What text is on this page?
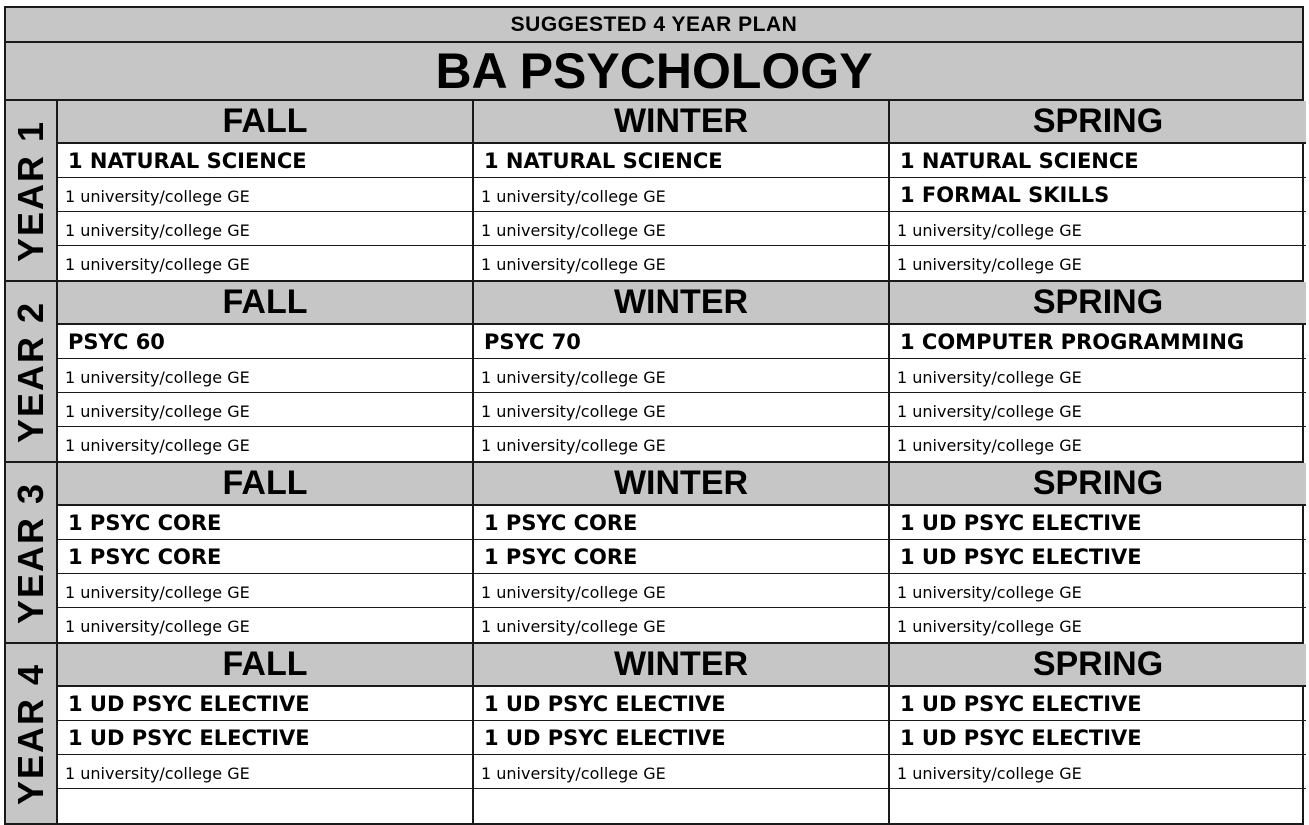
SUGGESTED 4 YEAR PLAN
BA PSYCHOLOGY
YEAR 1	FALL	WINTER	SPRING
1 NATURAL SCIENCE	1 NATURAL SCIENCE	1 NATURAL SCIENCE
1 university/college GE	1 university/college GE	1 FORMAL SKILLS
1 university/college GE	1 university/college GE	1 university/college GE
1 university/college GE	1 university/college GE	1 university/college GE
YEAR 2	FALL	WINTER	SPRING
PSYC 60	PSYC 70	1 COMPUTER PROGRAMMING
1 university/college GE	1 university/college GE	1 university/college GE
1 university/college GE	1 university/college GE	1 university/college GE
1 university/college GE	1 university/college GE	1 university/college GE
YEAR 3	FALL	WINTER	SPRING
1 PSYC CORE	1 PSYC CORE	1 UD PSYC ELECTIVE
1 PSYC CORE	1 PSYC CORE	1 UD PSYC ELECTIVE
1 university/college GE	1 university/college GE	1 university/college GE
1 university/college GE	1 university/college GE	1 university/college GE
YEAR 4	FALL	WINTER	SPRING
1 UD PSYC ELECTIVE	1 UD PSYC ELECTIVE	1 UD PSYC ELECTIVE
1 UD PSYC ELECTIVE	1 UD PSYC ELECTIVE	1 UD PSYC ELECTIVE
1 university/college GE	1 university/college GE	1 university/college GE
